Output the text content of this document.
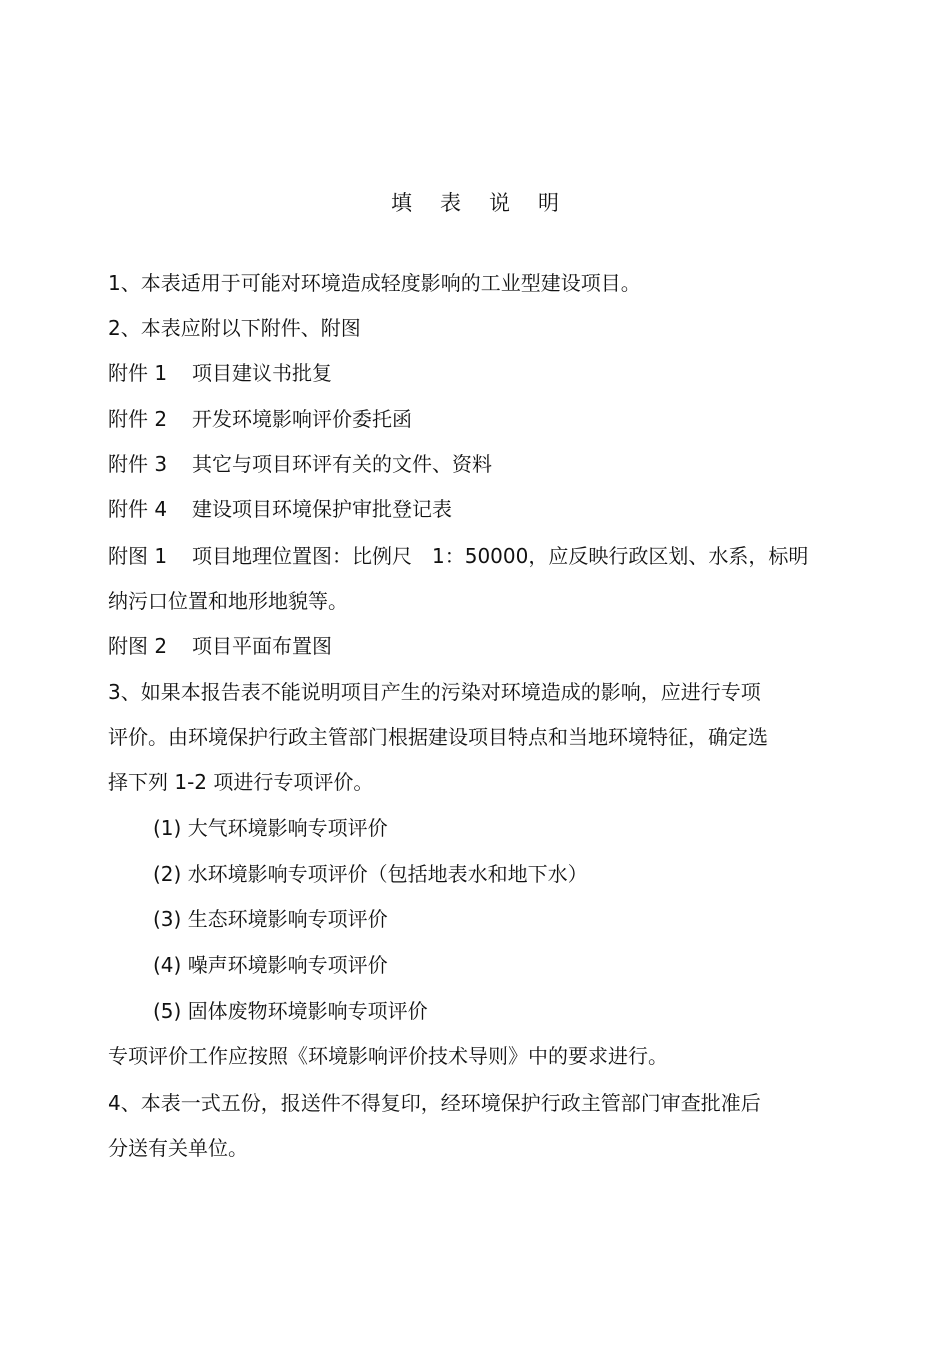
填表说明
1、本表适用于可能对环境造成轻度影响的工业型建设项目。
2、本表应附以下附件、附图
附件 1 项目建议书批复
附件 2 开发环境影响评价委托函
附件 3 其它与项目环评有关的文件、资料
附件 4 建设项目环境保护审批登记表
附图 1 项目地理位置图：比例尺　1：50000，应反映行政区划、水系，标明
纳污口位置和地形地貌等。
附图 2 项目平面布置图
3、如果本报告表不能说明项目产生的污染对环境造成的影响，应进行专项
评价。由环境保护行政主管部门根据建设项目特点和当地环境特征，确定选
择下列 1-2 项进行专项评价。
(1) 大气环境影响专项评价
(2) 水环境影响专项评价（包括地表水和地下水）
(3) 生态环境影响专项评价
(4) 噪声环境影响专项评价
(5) 固体废物环境影响专项评价
专项评价工作应按照《环境影响评价技术导则》中的要求进行。
4、本表一式五份，报送件不得复印，经环境保护行政主管部门审查批准后
分送有关单位。
